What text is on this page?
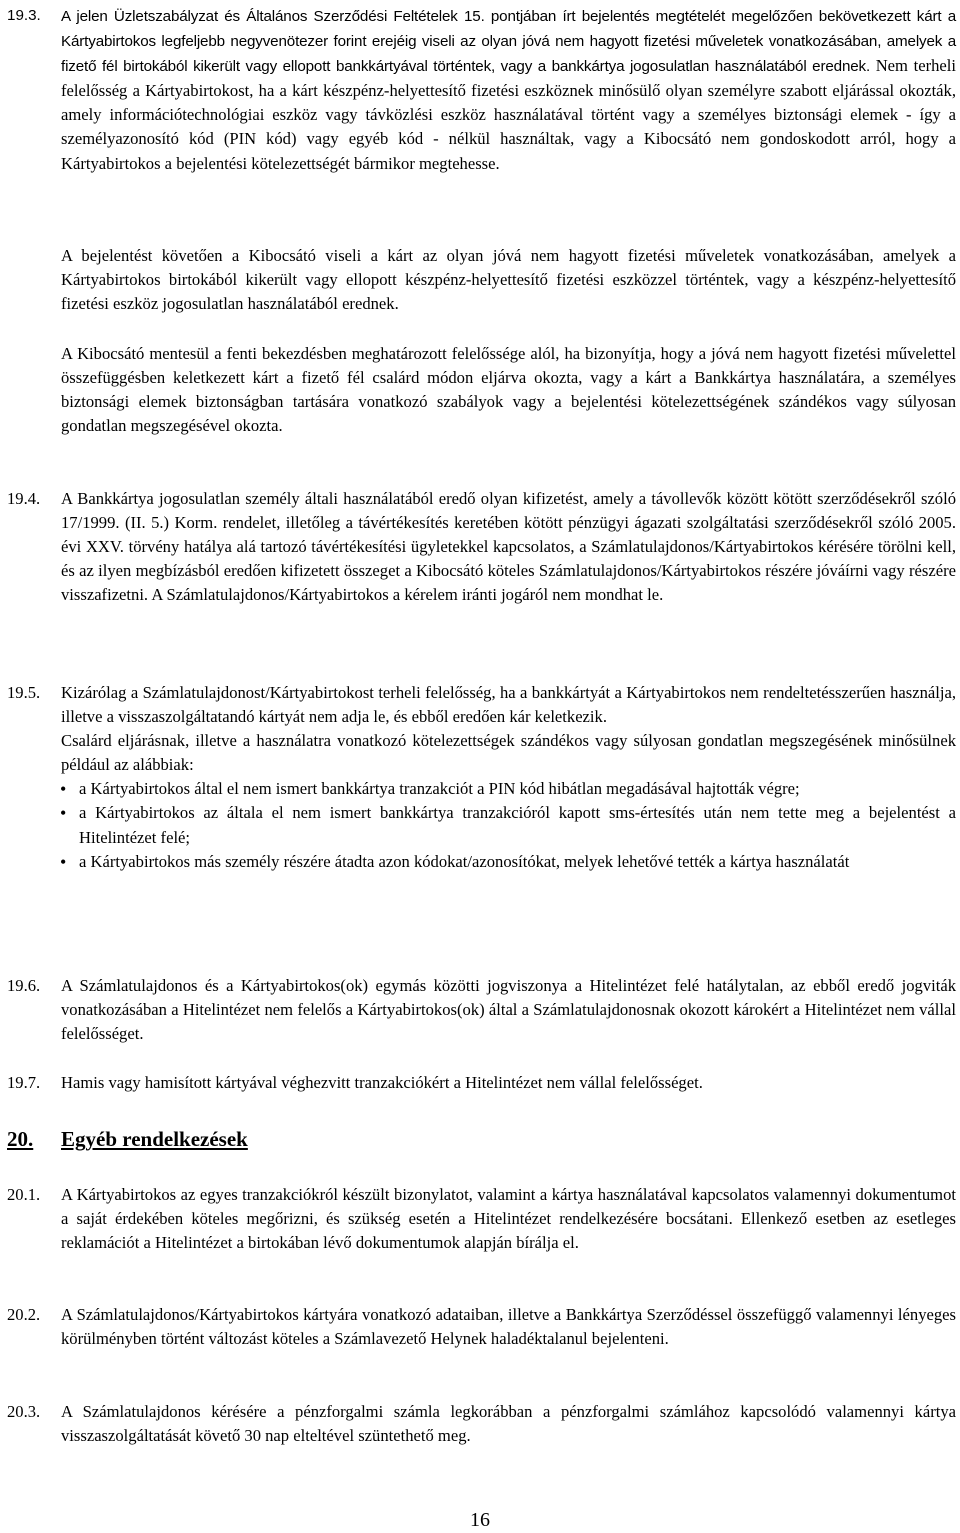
19.3. A jelen Üzletszabályzat és Általános Szerződési Feltételek 15. pontjában írt bejelentés megtételét megelőzően bekövetkezett kárt a Kártyabirtokos legfeljebb negyvenötezer forint erejéig viseli az olyan jóvá nem hagyott fizetési műveletek vonatkozásában, amelyek a fizető fél birtokából kikerült vagy ellopott bankkártyával történtek, vagy a bankkártya jogosulatlan használatából erednek. Nem terheli felelősség a Kártyabirtokost, ha a kárt készpénz-helyettesítő fizetési eszköznek minősülő olyan személyre szabott eljárással okozták, amely információtechnológiai eszköz vagy távközlési eszköz használatával történt vagy a személyes biztonsági elemek - így a személyazonosító kód (PIN kód) vagy egyéb kód - nélkül használtak, vagy a Kibocsátó nem gondoskodott arról, hogy a Kártyabirtokos a bejelentési kötelezettségét bármikor megtehesse.

A bejelentést követően a Kibocsátó viseli a kárt az olyan jóvá nem hagyott fizetési műveletek vonatkozásában, amelyek a Kártyabirtokos birtokából kikerült vagy ellopott készpénz-helyettesítő fizetési eszközzel történtek, vagy a készpénz-helyettesítő fizetési eszköz jogosulatlan használatából erednek.

A Kibocsátó mentesül a fenti bekezdésben meghatározott felelőssége alól, ha bizonyítja, hogy a jóvá nem hagyott fizetési művelettel összefüggésben keletkezett kárt a fizető fél csalárd módon eljárva okozta, vagy a kárt a Bankkártya használatára, a személyes biztonsági elemek biztonságban tartására vonatkozó szabályok vagy a bejelentési kötelezettségének szándékos vagy súlyosan gondatlan megszegésével okozta.

19.4. A Bankkártya jogosulatlan személy általi használatából eredő olyan kifizetést, amely a távollevők között kötött szerződésekről szóló 17/1999. (II. 5.) Korm. rendelet, illetőleg a távértékesítés keretében kötött pénzügyi ágazati szolgáltatási szerződésekről szóló 2005. évi XXV. törvény hatálya alá tartozó távértékesítési ügyletekkel kapcsolatos, a Számlatulajdonos/Kártyabirtokos kérésére törölni kell, és az ilyen megbízásból eredően kifizetett összeget a Kibocsátó köteles Számlatulajdonos/Kártyabirtokos részére jóváírni vagy részére visszafizetni. A Számlatulajdonos/Kártyabirtokos a kérelem iránti jogáról nem mondhat le.

19.5. Kizárólag a Számlatulajdonost/Kártyabirtokost terheli felelősség, ha a bankkártyát a Kártyabirtokos nem rendeltetésszerűen használja, illetve a visszaszolgáltatandó kártyát nem adja le, és ebből eredően kár keletkezik.

Csalárd eljárásnak, illetve a használatra vonatkozó kötelezettségek szándékos vagy súlyosan gondatlan megszegésének minősülnek például az alábbiak:

• a Kártyabirtokos által el nem ismert bankkártya tranzakciót a PIN kód hibátlan megadásával hajtották végre;
• a Kártyabirtokos az általa el nem ismert bankkártya tranzakcióról kapott sms-értesítés után nem tette meg a bejelentést a Hitelintézet felé;
• a Kártyabirtokos más személy részére átadta azon kódokat/azonosítókat, melyek lehetővé tették a kártya használatát
19.6. A Számlatulajdonos és a Kártyabirtokos(ok) egymás közötti jogviszonya a Hitelintézet felé hatálytalan, az ebből eredő jogviták vonatkozásában a Hitelintézet nem felelős a Kártyabirtokos(ok) által a Számlatulajdonosnak okozott károkért a Hitelintézet nem vállal felelősséget.

19.7. Hamis vagy hamisított kártyával véghezvitt tranzakciókért a Hitelintézet nem vállal felelősséget.

20. Egyéb rendelkezések
20.1. A Kártyabirtokos az egyes tranzakciókról készült bizonylatot, valamint a kártya használatával kapcsolatos valamennyi dokumentumot a saját érdekében köteles megőrizni, és szükség esetén a Hitelintézet rendelkezésére bocsátani. Ellenkező esetben az esetleges reklamációt a Hitelintézet a birtokában lévő dokumentumok alapján bírálja el.

20.2. A Számlatulajdonos/Kártyabirtokos kártyára vonatkozó adataiban, illetve a Bankkártya Szerződéssel összefüggő valamennyi lényeges körülményben történt változást köteles a Számlavezető Helynek haladéktalanul bejelenteni.

20.3. A Számlatulajdonos kérésére a pénzforgalmi számla legkorábban a pénzforgalmi számlához kapcsolódó valamennyi kártya visszaszolgáltatását követő 30 nap elteltével szüntethető meg.

16
